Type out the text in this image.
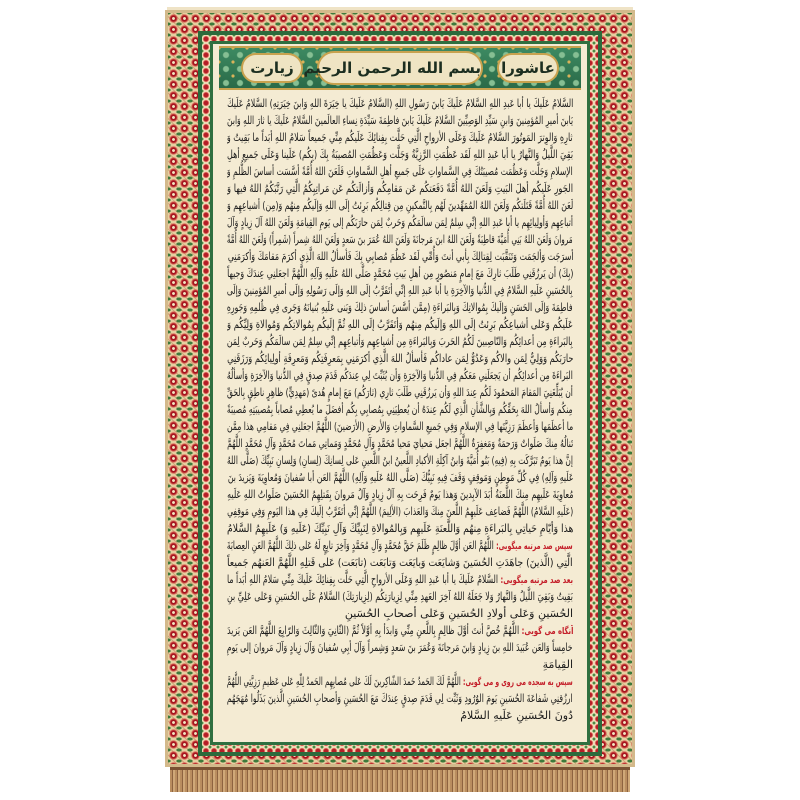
زیارت بسم الله الرحمن الرحیم عاشورا
السَّلامُ عَلَيكَ يا أبا عَبدِ اللهِ السَّلامُ عَلَيكَ يَابنَ رَسُولِ اللهِ (السَّلامُ عَلَيكَ يا خِيَرَةَ اللهِ وَابنَ خِيَرَتِهِ) السَّلامُ عَلَيكَ
يَابنَ أميرِ المُؤمِنينَ وَابنِ سَيِّدِ الوَصِيِّينَ السَّلامُ عَلَيكَ يَابنَ فاطِمَةَ سَيِّدَةِ نِساءِ العالَمينَ السَّلامُ عَلَيكَ يا ثارَ اللهِ وَابنَ
ثارِهِ وَالوِترَ المَوتُورَ السَّلامُ عَلَيكَ وَعَلَى الأرواحِ الَّتِي حَلَّت بِفِنائِكَ عَلَيكُم مِنِّي جَميعاً سَلامُ اللهِ أبَداً ما بَقِيتُ وَ
بَقِيَ اللَّيلُ وَالنَّهارُ يا أبا عَبدِ اللهِ لَقَد عَظُمَتِ الرَّزِيَّةُ وَجَلَّت وَعَظُمَتِ المُصيبَةُ بِكَ (بِكُم) عَلَينا وَعَلَى جَميعِ أهلِ
الإسلامِ وَجَلَّت وَعَظُمَت مُصيبَتُكَ فِي السَّماواتِ عَلَى جَميعِ أهلِ السَّماواتِ فَلَعَنَ اللهُ أُمَّةً أسَّسَت أساسَ الظُّلمِ وَ
الجَورِ عَلَيكُم أهلَ البَيتِ وَلَعَنَ اللهُ أُمَّةً دَفَعَتكُم عَن مَقامِكُم وَأزالَتكُم عَن مَراتِبِكُمُ الَّتِي رَتَّبَكُمُ اللهُ فيها وَ
لَعَنَ اللهُ أُمَّةً قَتَلَتكُم وَلَعَنَ اللهُ المُمَهِّدينَ لَهُم بِالتَّمكينِ مِن قِتالِكُم بَرِئتُ إلَى اللهِ وَإلَيكُم مِنهُم وَ(مِن) أشياعِهِم وَ
أتباعِهِم وَأولِيائِهِم يا أبا عَبدِ اللهِ إنِّي سِلمٌ لِمَن سالَمَكُم وَحَربٌ لِمَن حارَبَكُم إلى يَومِ القِيامَةِ وَلَعَنَ اللهُ آلَ زِيادٍ وَآلَ
مَروانَ وَلَعَنَ اللهُ بَنِي أُمَيَّةَ قاطِبَةً وَلَعَنَ اللهُ ابنَ مَرجانَةَ وَلَعَنَ اللهُ عُمَرَ بنَ سَعدٍ وَلَعَنَ اللهُ شِمراً (شَمِراً) وَلَعَنَ اللهُ أُمَّةً
أسرَجَت وَألجَمَت وَتَنَقَّبَت لِقِتالِكَ بِأبي أنتَ وَأُمِّي لَقَد عَظُمَ مُصابِي بِكَ فَأسألُ اللهَ الَّذِي أكرَمَ مَقامَكَ وَأكرَمَنِي
(بِكَ) أن يَرزُقَنِي طَلَبَ ثارِكَ مَعَ إمامٍ مَنصُورٍ مِن أهلِ بَيتِ مُحَمَّدٍ صَلَّى اللهُ عَلَيهِ وَآلِهِ اللَّهُمَّ اجعَلنِي عِندَكَ وَجيهاً
بِالحُسَينِ عَلَيهِ السَّلامُ فِي الدُّنيا وَالآخِرَةِ يا أبا عَبدِ اللهِ إنِّي أتَقَرَّبُ إلَى اللهِ وَإلَى رَسُولِهِ وَإلَى أميرِ المُؤمِنينَ وَإلَى
فاطِمَةَ وَإلَى الحَسَنِ وَإلَيكَ بِمُوالاتِكَ وَبِالبَراءَةِ (مِمَّن أسَّسَ أساسَ ذلِكَ وَبَنى عَلَيهِ بُنيانَهُ وَجَرى فِي ظُلمِهِ وَجَورِهِ
عَلَيكُم وَعَلى أشياعِكُم بَرِئتُ إلَى اللهِ وَإلَيكُم مِنهُم وَأتَقَرَّبُ إلَى اللهِ ثُمَّ إلَيكُم بِمُوالاتِكُم وَمُوالاةِ وَلِيِّكُم وَ
بِالبَراءَةِ مِن أعدائِكُم وَالنّاصِبينَ لَكُمُ الحَربَ وَبِالبَراءَةِ مِن أشياعِهِم وَأتباعِهِم إنِّي سِلمٌ لِمَن سالَمَكُم وَحَربٌ لِمَن
حارَبَكُم وَوَلِيٌّ لِمَن والاكُم وَعَدُوٌّ لِمَن عاداكُم فَأسألُ اللهَ الَّذِي أكرَمَنِي بِمَعرِفَتِكُم وَمَعرِفَةِ أولِيائِكُم وَرَزَقَنِي
البَراءَةَ مِن أعدائِكُم أن يَجعَلَنِي مَعَكُم فِي الدُّنيا وَالآخِرَةِ وَأن يُثَبِّتَ لِي عِندَكُم قَدَمَ صِدقٍ فِي الدُّنيا وَالآخِرَةِ وَأسألُهُ
أن يُبَلِّغَنِيَ المَقامَ المَحمُودَ لَكُم عِندَ اللهِ وَأن يَرزُقَنِي طَلَبَ ثارِي (ثارَكُم) مَعَ إمامٍ هُدىً (مَهدِيٍّ) ظاهِرٍ ناطِقٍ بِالحَقِّ
مِنكُم وَأسألُ اللهَ بِحَقِّكُم وَبِالشَّأنِ الَّذِي لَكُم عِندَهُ أن يُعطِيَنِي بِمُصابِي بِكُم أفضَلَ ما يُعطِي مُصاباً بِمُصيبَتِهِ مُصيبَةً
ما أعظَمَها وَأعظَمَ رَزِيَّتَها فِي الإسلامِ وَفِي جَميعِ السَّماواتِ وَالأرضِ (الأرَضينَ) اللَّهُمَّ اجعَلنِي فِي مَقامِي هذا مِمَّن
تَنالُهُ مِنكَ صَلَواتٌ وَرَحمَةٌ وَمَغفِرَةٌ اللَّهُمَّ اجعَل مَحيايَ مَحيا مُحَمَّدٍ وَآلِ مُحَمَّدٍ وَمَماتِي مَماتَ مُحَمَّدٍ وَآلِ مُحَمَّدٍ اللَّهُمَّ
إنَّ هذا يَومٌ تَبَرَّكَت بِهِ (فِيهِ) بَنُو أُمَيَّةَ وَابنُ آكِلَةِ الأكبادِ اللَّعينُ ابنُ اللَّعينِ عَلى لِسانِكَ (لِسانِ) وَلِسانِ نَبِيِّكَ (صَلَّى اللهُ
عَلَيهِ وَآلِهِ) فِي كُلِّ مَوطِنٍ وَمَوقِفٍ وَقَفَ فِيهِ نَبِيُّكَ (صَلَّى اللهُ عَلَيهِ وَآلِهِ) اللَّهُمَّ العَن أبا سُفيانَ وَمُعاوِيَةَ وَيَزيدَ بنَ
مُعاوِيَةَ عَلَيهِم مِنكَ اللَّعنَةُ أبَدَ الآبِدينَ وَهذا يَومٌ فَرِحَت بِهِ آلُ زِيادٍ وَآلُ مَروانَ بِقَتلِهِمُ الحُسَينَ صَلَواتُ اللهِ عَلَيهِ
(عَلَيهِ السَّلامُ) اللَّهُمَّ فَضاعِف عَلَيهِمُ اللَّعنَ مِنكَ وَالعَذابَ (الألِيمَ) اللَّهُمَّ إنِّي أتَقَرَّبُ إلَيكَ فِي هذا اليَومِ وَفِي مَوقِفِي
هذا وَأيّامِ حَياتِي بِالبَراءَةِ مِنهُم وَاللَّعنَةِ عَلَيهِم وَبِالمُوالاةِ لِنَبِيِّكَ وَآلِ نَبِيِّكَ (عَلَيهِ وَ) عَلَيهِمُ السَّلامُ
سپس صد مرتبه میگویی: اللَّهُمَّ العَن أوَّلَ ظالِمٍ ظَلَمَ حَقَّ مُحَمَّدٍ وَآلِ مُحَمَّدٍ وَآخِرَ تابِعٍ لَهُ عَلى ذلِكَ اللَّهُمَّ العَنِ العِصابَةَ
الَّتِي (الَّذينَ) جاهَدَتِ الحُسَينَ وَشايَعَت وَبايَعَت وَتابَعَت (تابَعَت) عَلى قَتلِهِ اللَّهُمَّ العَنهُم جَميعاً
بعد صد مرتبه میگویی: السَّلامُ عَلَيكَ يا أبا عَبدِ اللهِ وَعَلَى الأرواحِ الَّتِي حَلَّت بِفِنائِكَ عَلَيكَ مِنِّي سَلامُ اللهِ أبَداً ما
بَقِيتُ وَبَقِيَ اللَّيلُ وَالنَّهارُ وَلا جَعَلَهُ اللهُ آخِرَ العَهدِ مِنِّي لِزِيارَتِكُم (لِزِيارَتِكَ) السَّلامُ عَلَى الحُسَينِ وَعَلى عَلِيِّ بنِ
الحُسَينِ وَعَلى أولادِ الحُسَينِ وَعَلى أصحابِ الحُسَينِ
آنگاه می گویی: اللَّهُمَّ خُصَّ أنتَ أوَّلَ ظالِمٍ بِاللَّعنِ مِنِّي وَابدَأ بِهِ أوَّلاً ثُمَّ (الثّانِيَ وَالثّالِثَ وَالرّابِعَ اللَّهُمَّ العَن يَزيدَ
خامِساً وَالعَن عُبَيدَ اللهِ بنَ زِيادٍ وَابنَ مَرجانَةَ وَعُمَرَ بنَ سَعدٍ وَشِمراً وَآلَ أبِي سُفيانَ وَآلَ زِيادٍ وَآلَ مَروانَ إلى يَومِ
القِيامَةِ
سپس به سجده می روی و می گویی: اللَّهُمَّ لَكَ الحَمدُ حَمدَ الشّاكِرينَ لَكَ عَلى مُصابِهِم الحَمدُ لِلّهِ عَلى عَظيمِ رَزِيَّتِي اللَّهُمَّ
ارزُقنِي شَفاعَةَ الحُسَينِ يَومَ الوُرُودِ وَثَبِّت لِي قَدَمَ صِدقٍ عِندَكَ مَعَ الحُسَينِ وَأصحابِ الحُسَينِ الَّذينَ بَذَلُوا مُهَجَهُم
دُونَ الحُسَينِ عَلَيهِ السَّلامُ
